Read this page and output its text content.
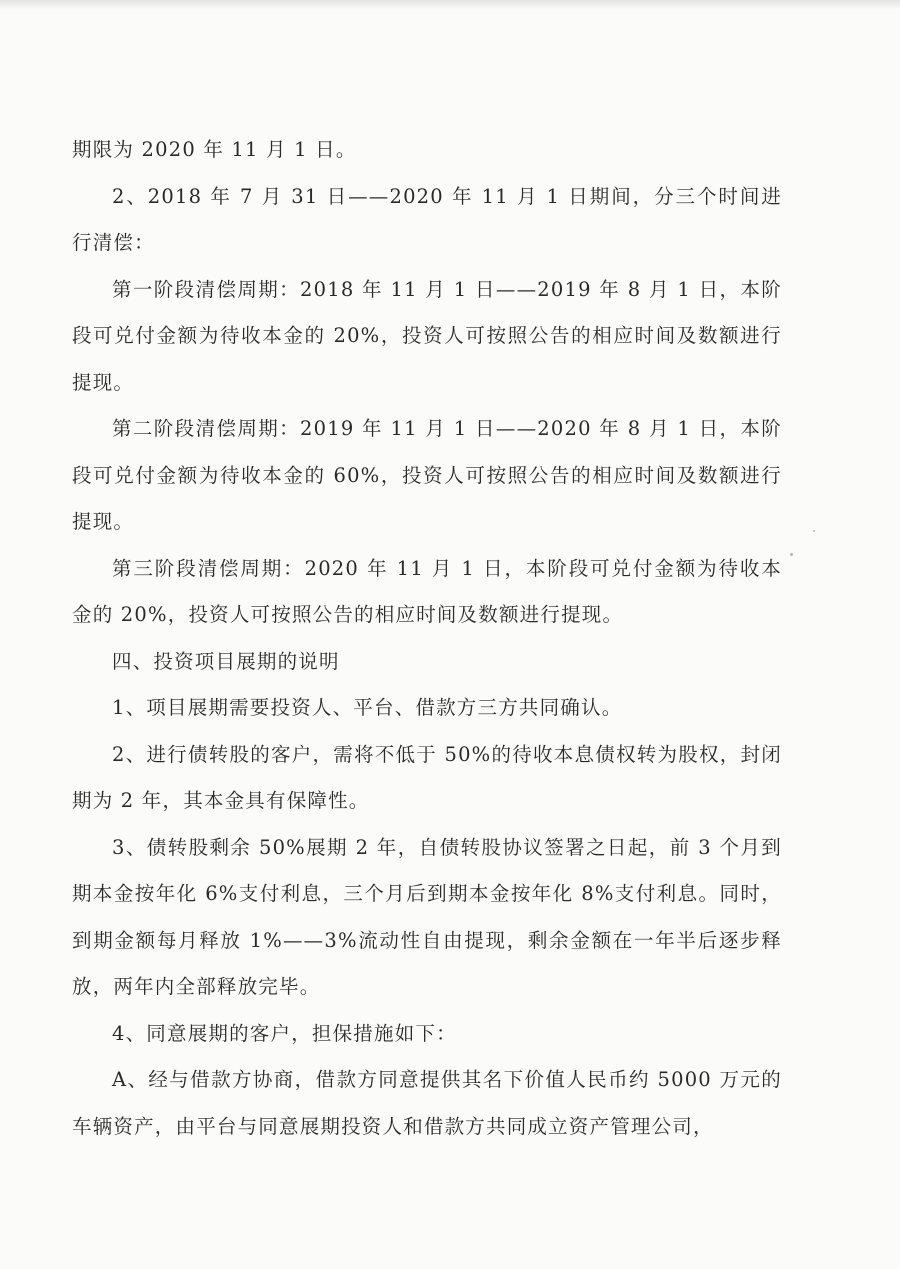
期限为 2020 年 11 月 1 日。

2、2018 年 7 月 31 日——2020 年 11 月 1 日期间，分三个时间进行清偿：

第一阶段清偿周期：2018 年 11 月 1 日——2019 年 8 月 1 日，本阶段可兑付金额为待收本金的 20%，投资人可按照公告的相应时间及数额进行提现。

第二阶段清偿周期：2019 年 11 月 1 日——2020 年 8 月 1 日，本阶段可兑付金额为待收本金的 60%，投资人可按照公告的相应时间及数额进行提现。

第三阶段清偿周期：2020 年 11 月 1 日，本阶段可兑付金额为待收本金的 20%，投资人可按照公告的相应时间及数额进行提现。

四、投资项目展期的说明

1、项目展期需要投资人、平台、借款方三方共同确认。

2、进行债转股的客户，需将不低于 50%的待收本息债权转为股权，封闭期为 2 年，其本金具有保障性。

3、债转股剩余 50%展期 2 年，自债转股协议签署之日起，前 3 个月到期本金按年化 6%支付利息，三个月后到期本金按年化 8%支付利息。同时，到期金额每月释放 1%——3%流动性自由提现，剩余金额在一年半后逐步释放，两年内全部释放完毕。

4、同意展期的客户，担保措施如下：

A、经与借款方协商，借款方同意提供其名下价值人民币约 5000 万元的车辆资产，由平台与同意展期投资人和借款方共同成立资产管理公司，
